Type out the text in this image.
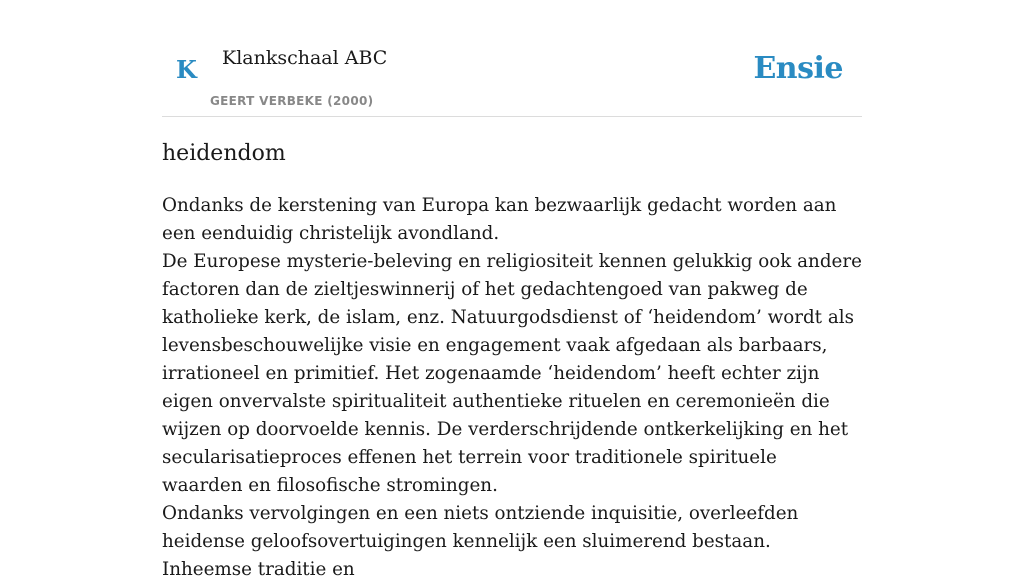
K Klankschaal ABC
GEERT VERBEKE (2000)
Ensie
heidendom

Ondanks de kerstening van Europa kan bezwaarlijk gedacht worden aan een eenduidig christelijk avondland.

De Europese mysterie-beleving en religiositeit kennen gelukkig ook andere factoren dan de zieltjeswinnerij of het gedachtengoed van pakweg de katholieke kerk, de islam, enz. Natuurgodsdienst of ‘heidendom’ wordt als levensbeschouwelijke visie en engagement vaak afgedaan als barbaars, irrationeel en primitief. Het zogenaamde ‘heidendom’ heeft echter zijn eigen onvervalste spiritualiteit authentieke rituelen en ceremonieën die wijzen op doorvoelde kennis. De verderschrijdende ontkerkelijking en het secularisatieproces effenen het terrein voor traditionele spirituele waarden en filosofische stromingen.

Ondanks vervolgingen en een niets ontziende inquisitie, overleefden heidense geloofsovertuigingen kennelijk een sluimerend bestaan. Inheemse traditie en
